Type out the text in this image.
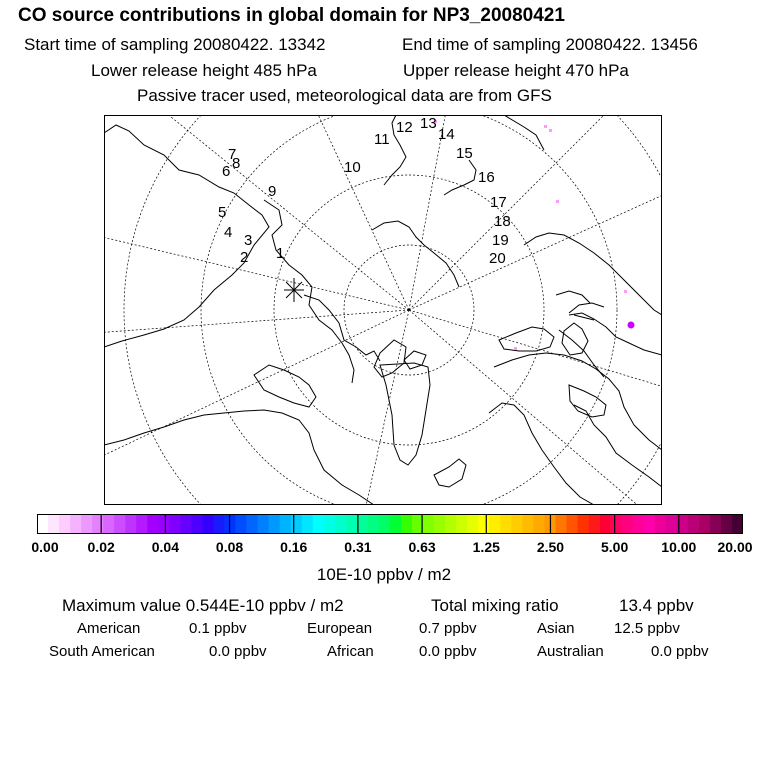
CO source contributions in global domain for NP3_20080421
Start time of sampling 20080422. 13342	End time of sampling 20080422. 13456
Lower release height 485 hPa	Upper release height 470 hPa
Passive tracer used, meteorological data are from GFS
1
2
3
4
5
6
7
8
9
10
11
12 13
14
15
16
17
18
19
20
0.00 0.02	0.04	0.08	0.16	0.31	0.63	1.25	2.50	5.00 10.00 20.00
10E-10 ppbv / m2
Maximum value 0.544E-10 ppbv / m2	Total mixing ratio	13.4 ppbv
American	0.1 ppbv	European	0.7 ppbv	Asian	12.5 ppbv
South American	0.0 ppbv	African	0.0 ppbv	Australian	0.0 ppbv
